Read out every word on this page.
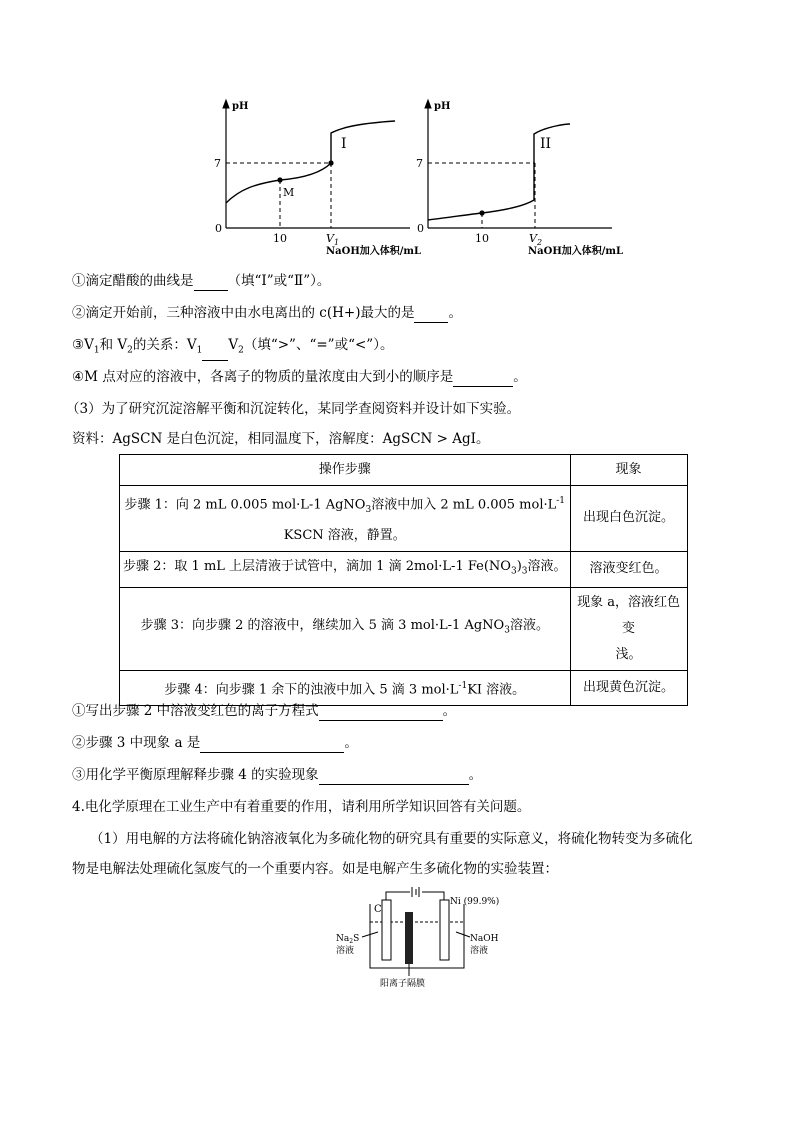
pH
7
0
10	$V_1$
M
I
NaOH加入体积/mL
pH
7
0
10	$V_2$
II
NaOH加入体积/mL
①滴定醋酸的曲线是	（填“I”或“Ⅱ”）。
②滴定开始前，三种溶液中由水电离出的 c(H+)最大的是	。
$③V_1$和 $V_2$的关系：$V_1$ $V_2$（填“>”、“=”或“<”）。
④M 点对应的溶液中，各离子的物质的量浓度由大到小的顺序是	。
（3）为了研究沉淀溶解平衡和沉淀转化，某同学查阅资料并设计如下实验。
资料：AgSCN 是白色沉淀，相同温度下，溶解度：AgSCN > AgI。
操作步骤	现象

步骤 1：向 2 mL 0.005 mol·L-1 AgNO$_3$溶液中加入 2 mL 0.005 $mol\cdot L^{-1}$
KSCN 溶液，静置。	出现白色沉淀。
步骤 2：取 1 mL 上层清液于试管中，滴加 1 滴 2mol·L-1 $Fe(NO_3)_3$溶液。	溶液变红色。
步骤 3：向步骤 2 的溶液中，继续加入 5 滴 3 mol·L-1 AgNO$_3$溶液。	现象 a，溶液红色变
浅。

步骤 4：向步骤 1 余下的浊液中加入 5 滴 3 $mol\cdot L^{-1}KI$ 溶液。	出现黄色沉淀。
①写出步骤 2 中溶液变红色的离子方程式	。
②步骤 3 中现象 a 是	。
③用化学平衡原理解释步骤 4 的实验现象	。
4.电化学原理在工业生产中有着重要的作用，请利用所学知识回答有关问题。
（1）用电解的方法将硫化钠溶液氧化为多硫化物的研究具有重要的实际意义，将硫化物转变为多硫化
物是电解法处理硫化氢废气的一个重要内容。如是电解产生多硫化物的实验装置：
C
Ni (99.9%)
$Na_2S$
溶液
NaOH
溶液
阳离子隔膜
